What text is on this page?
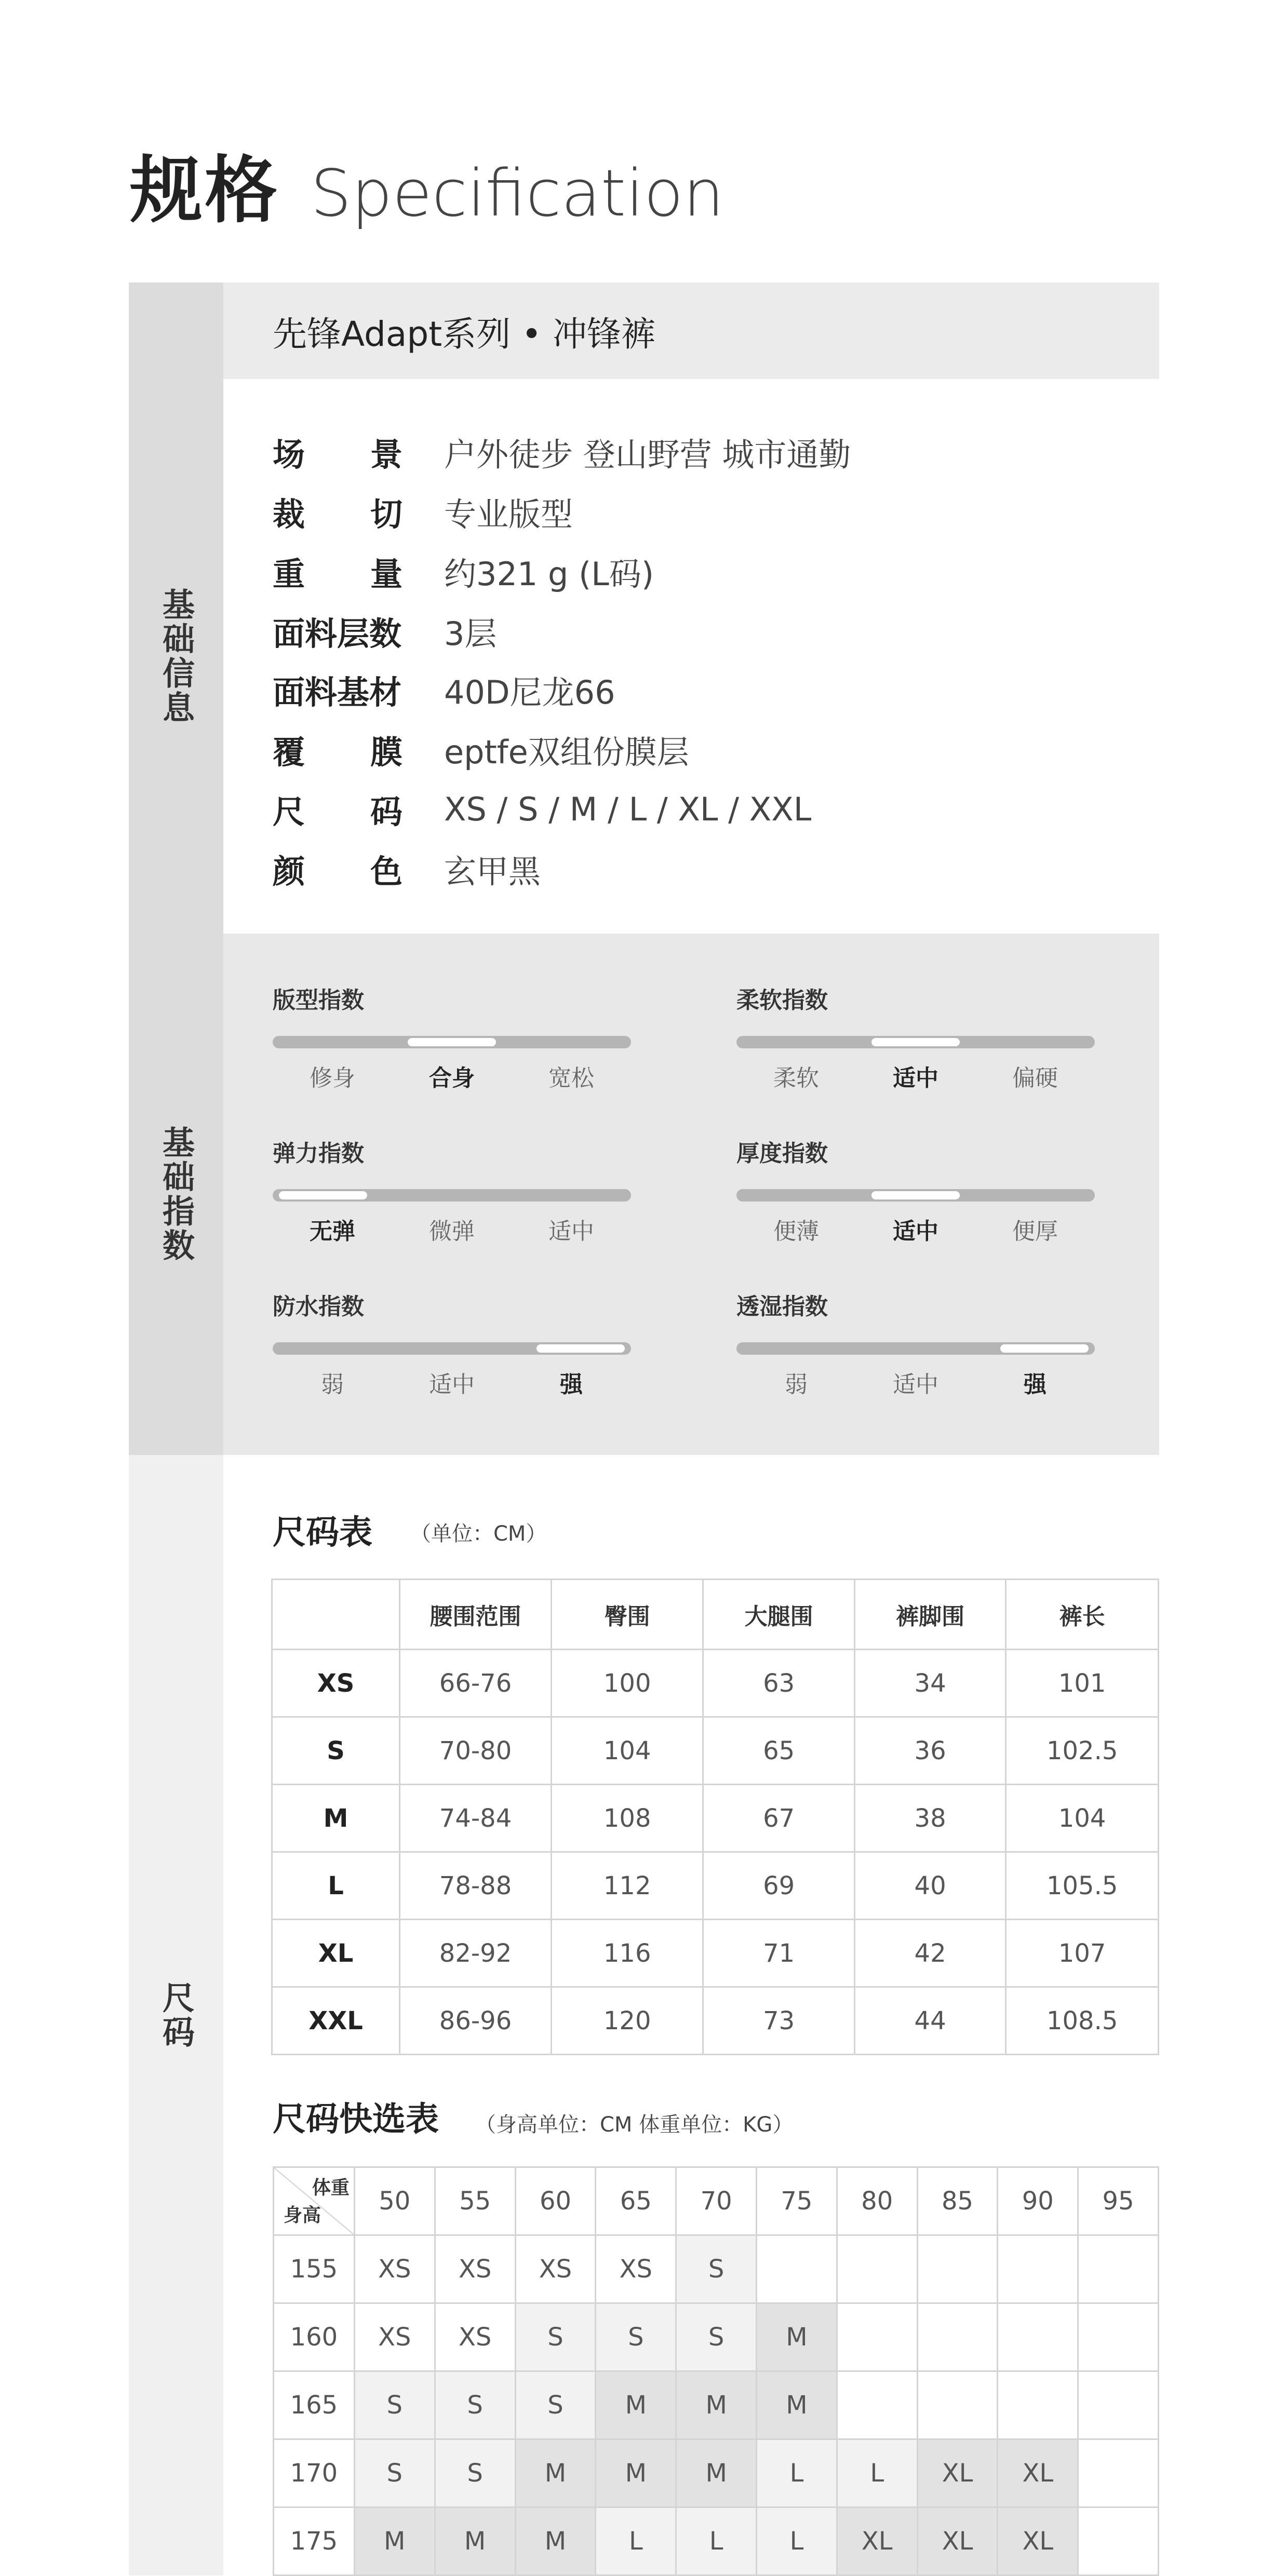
规格 Specification
先锋Adapt系列 • 冲锋裤
基础信息
场 景 户外徒步 登山野营 城市通勤
裁 切 专业版型
重 量 约321 g (L码)
面料层数 3层
面料基材 40D尼龙66
覆 膜 eptfe双组份膜层
尺 码 XS / S / M / L / XL / XXL
颜 色 玄甲黑
基础指数
版型指数
修身	合身	宽松
柔软指数
柔软	适中	偏硬
弹力指数
无弹	微弹	适中
厚度指数
便薄	适中	便厚
防水指数
弱	适中	强
透湿指数
弱	适中	强
尺码
尺码表 （单位：CM）
	腰围范围	臀围	大腿围	裤脚围	裤长
XS	66-76	100	63	34	101
S	70-80	104	65	36	102.5
M	74-84	108	67	38	104
L	78-88	112	69	40	105.5
XL	82-92	116	71	42	107
XXL	86-96	120	73	44	108.5
尺码快选表 （身高单位：CM 体重单位：KG）
体重
身高	50	55	60	65	70	75	80	85	90	95
155	XS	XS	XS	XS	S					
160	XS	XS	S	S	S	M				
165	S	S	S	M	M	M				
170	S	S	M	M	M	L	L	XL	XL	
175	M	M	M	L	L	L	XL	XL	XL	
